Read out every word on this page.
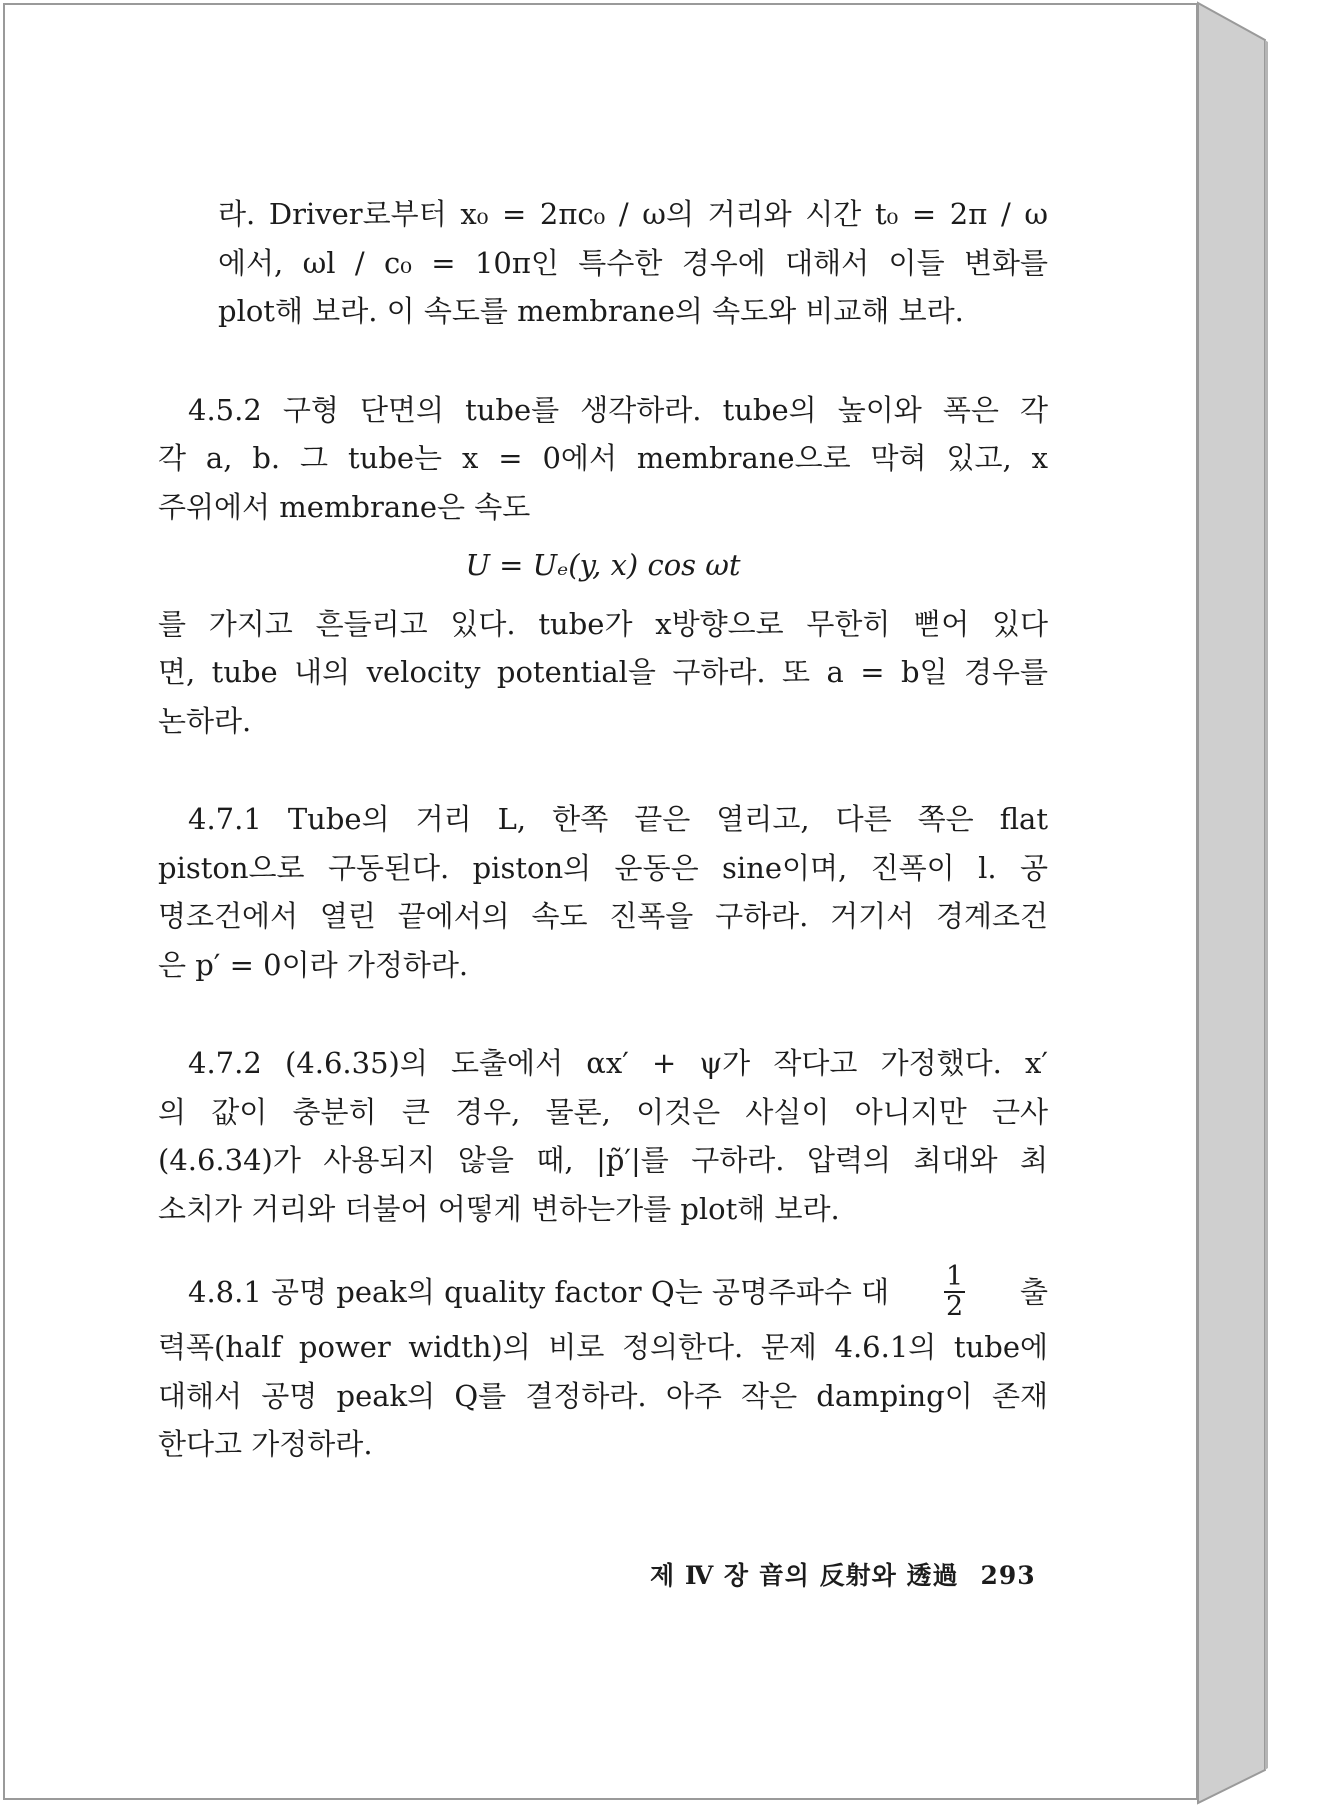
라. Driver로부터 x₀ = 2πc₀ / ω의 거리와 시간 t₀ = 2π / ω
에서, ωl / c₀ = 10π인 특수한 경우에 대해서 이들 변화를
plot해 보라. 이 속도를 membrane의 속도와 비교해 보라.
4.5.2 구형 단면의 tube를 생각하라. tube의 높이와 폭은 각
각 a, b. 그 tube는 x = 0에서 membrane으로 막혀 있고, x
주위에서 membrane은 속도
U = Uₑ(y, x) cos ωt
를 가지고 흔들리고 있다. tube가 x방향으로 무한히 뻗어 있다
면, tube 내의 velocity potential을 구하라. 또 a = b일 경우를
논하라.
4.7.1 Tube의 거리 L, 한쪽 끝은 열리고, 다른 쪽은 flat
piston으로 구동된다. piston의 운동은 sine이며, 진폭이 l. 공
명조건에서 열린 끝에서의 속도 진폭을 구하라. 거기서 경계조건
은 p′ = 0이라 가정하라.
4.7.2 (4.6.35)의 도출에서 αx′ + ψ가 작다고 가정했다. x′
의 값이 충분히 큰 경우, 물론, 이것은 사실이 아니지만 근사
(4.6.34)가 사용되지 않을 때, |p̃′|를 구하라. 압력의 최대와 최
소치가 거리와 더불어 어떻게 변하는가를 plot해 보라.
4.8.1 공명 peak의 quality factor Q는 공명주파수 대 $\frac{1}{2}$ 출
력폭(half power width)의 비로 정의한다. 문제 4.6.1의 tube에
대해서 공명 peak의 Q를 결정하라. 아주 작은 damping이 존재
한다고 가정하라.
제 Ⅳ 장 音의 反射와 透過 293
